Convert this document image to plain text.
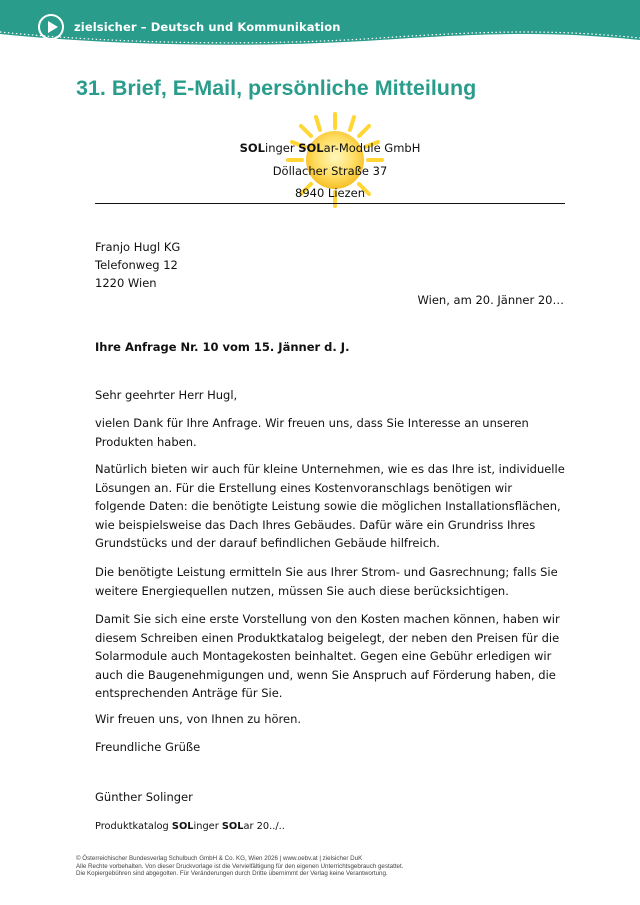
zielsicher – Deutsch und Kommunikation
31. Brief, E-Mail, persönliche Mitteilung
SOLinger SOLar-Module GmbH
Döllacher Straße 37
8940 Liezen

Franjo Hugl KG

Telefonweg 12

1220 Wien

Wien, am 20. Jänner 20…

Ihre Anfrage Nr. 10 vom 15. Jänner d. J.

Sehr geehrter Herr Hugl,

vielen Dank für Ihre Anfrage. Wir freuen uns, dass Sie Interesse an unseren Produkten haben.

Natürlich bieten wir auch für kleine Unternehmen, wie es das Ihre ist, individuelle Lösungen an. Für die Erstellung eines Kostenvoranschlags benötigen wir folgende Daten: die benötigte Leistung sowie die möglichen Installationsflächen, wie beispielsweise das Dach Ihres Gebäudes. Dafür wäre ein Grundriss Ihres Grundstücks und der darauf befindlichen Gebäude hilfreich.

Die benötigte Leistung ermitteln Sie aus Ihrer Strom- und Gasrechnung; falls Sie weitere Energiequellen nutzen, müssen Sie auch diese berücksichtigen.

Damit Sie sich eine erste Vorstellung von den Kosten machen können, haben wir diesem Schreiben einen Produktkatalog beigelegt, der neben den Preisen für die Solarmodule auch Montagekosten beinhaltet. Gegen eine Gebühr erledigen wir auch die Baugenehmigungen und, wenn Sie Anspruch auf Förderung haben, die entsprechenden Anträge für Sie.

Wir freuen uns, von Ihnen zu hören.

Freundliche Grüße

Günther Solinger

Produktkatalog SOLinger SOLar 20../..

© Österreichischer Bundesverlag Schulbuch GmbH & Co. KG, Wien 2026 | www.oebv.at | zielsicher DuK
Alle Rechte vorbehalten. Von dieser Druckvorlage ist die Vervielfältigung für den eigenen Unterrichtsgebrauch gestattet.
Die Kopiergebühren sind abgegolten. Für Veränderungen durch Dritte übernimmt der Verlag keine Verantwortung.
